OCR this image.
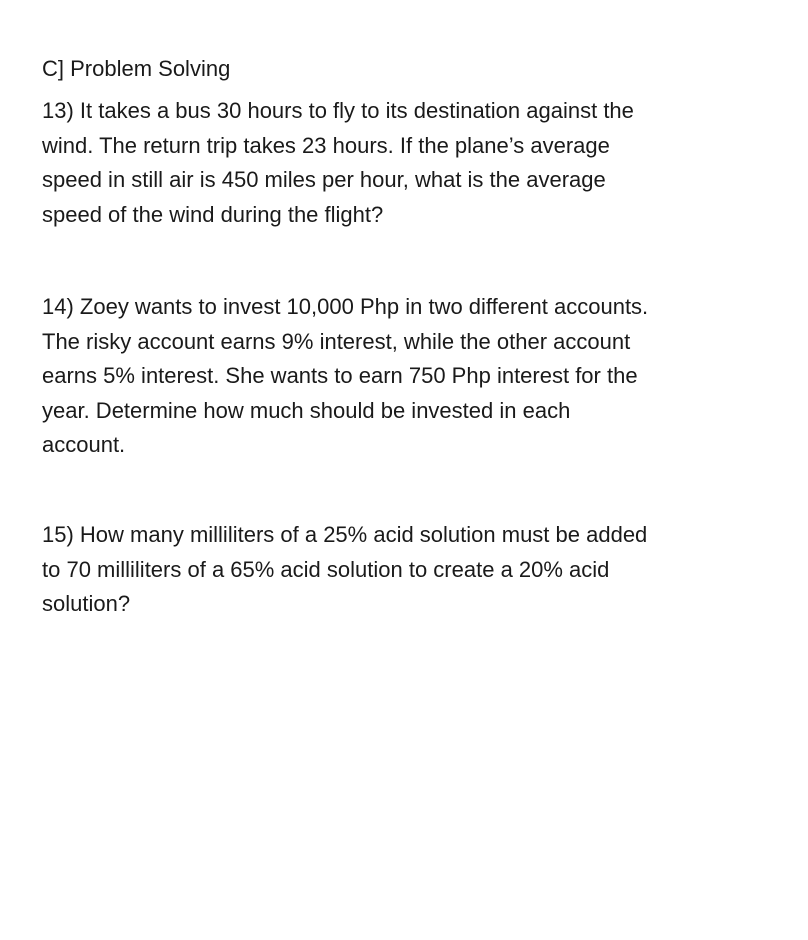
C] Problem Solving
13) It takes a bus 30 hours to fly to its destination against the
wind. The return trip takes 23 hours. If the plane’s average
speed in still air is 450 miles per hour, what is the average
speed of the wind during the flight?
14) Zoey wants to invest 10,000 Php in two different accounts.
The risky account earns 9% interest, while the other account
earns 5% interest. She wants to earn 750 Php interest for the
year. Determine how much should be invested in each
account.
15) How many milliliters of a 25% acid solution must be added
to 70 milliliters of a 65% acid solution to create a 20% acid
solution?
